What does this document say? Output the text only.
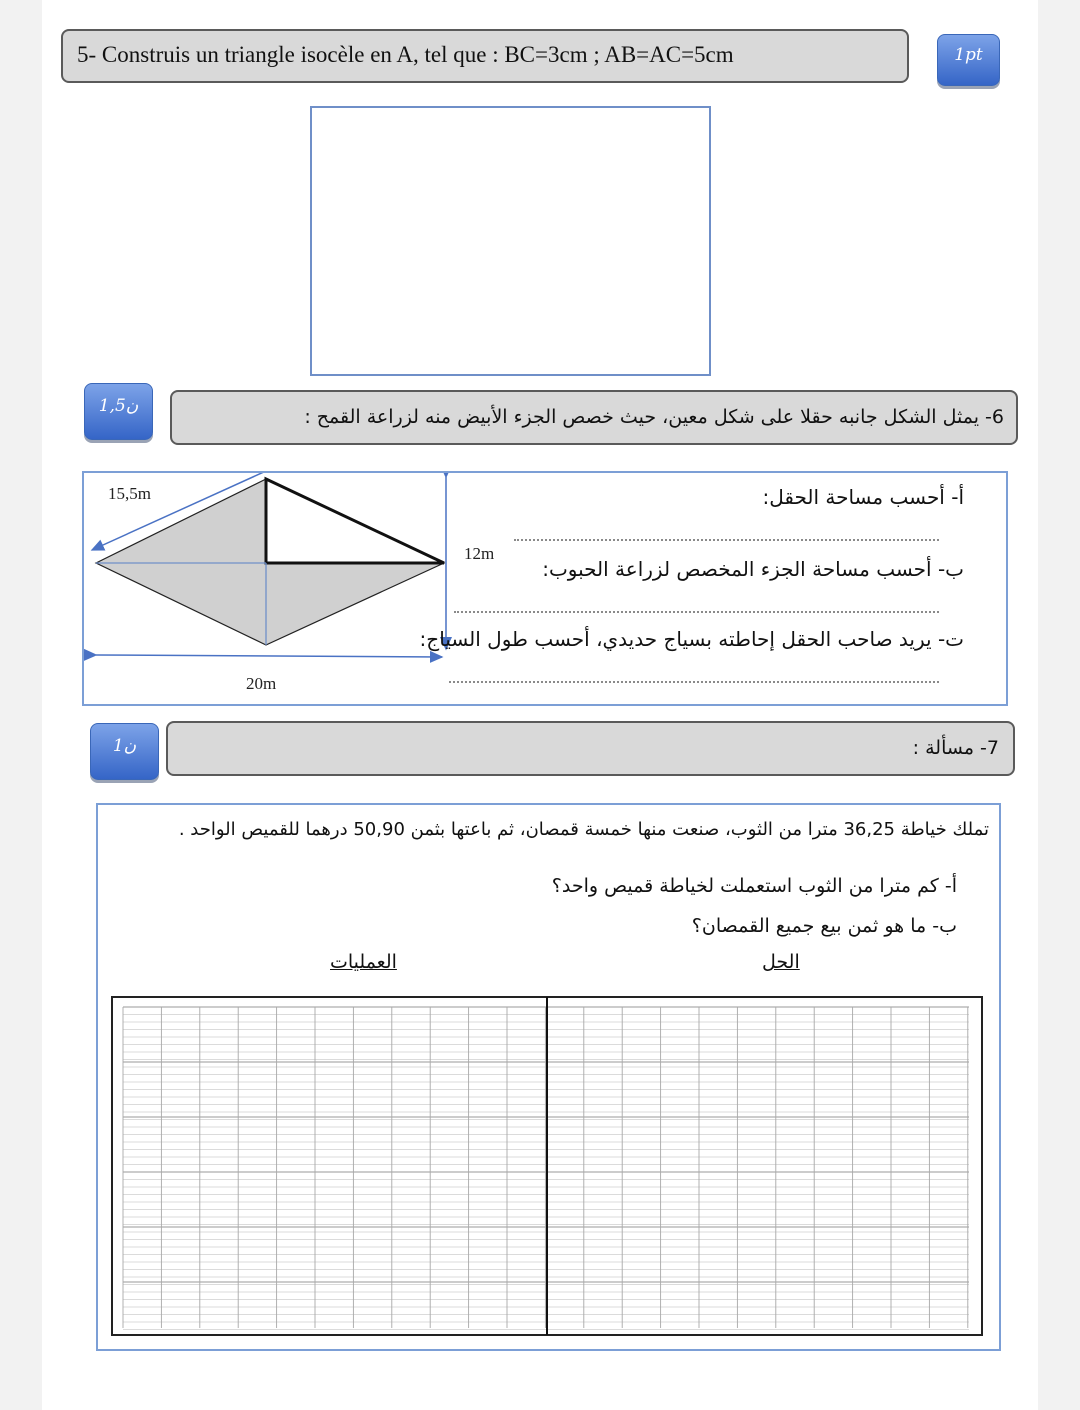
5- Construis un triangle isocèle en A, tel que : BC=3cm ; AB=AC=5cm	1pt
1,5ن	6- يمثل الشكل جانبه حقلا على شكل معين، حيث خصص الجزء الأبيض منه لزراعة القمح :
15,5m
12m
20m
أ- أحسب مساحة الحقل:
ب- أحسب مساحة الجزء المخصص لزراعة الحبوب:
ت- يريد صاحب الحقل إحاطته بسياج حديدي، أحسب طول السياج:
1ن	7- مسألة :
تملك خياطة 36,25 مترا من الثوب، صنعت منها خمسة قمصان، ثم باعتها بثمن 50,90 درهما للقميص الواحد .
أ- كم مترا من الثوب استعملت لخياطة قميص واحد؟
ب- ما هو ثمن بيع جميع القمصان؟
العمليات	الحل
